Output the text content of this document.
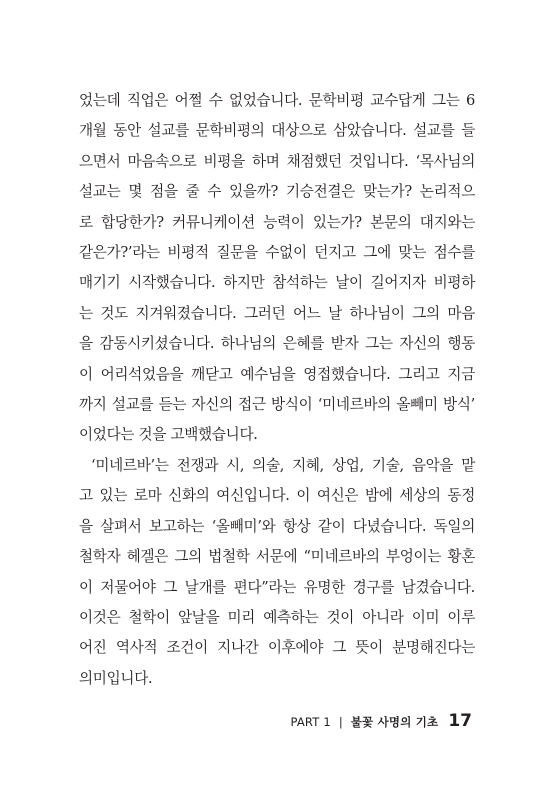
었는데 직업은 어쩔 수 없었습니다. 문학비평 교수답게 그는 6
개월 동안 설교를 문학비평의 대상으로 삼았습니다. 설교를 들
으면서 마음속으로 비평을 하며 채점했던 것입니다. ‘목사님의
설교는 몇 점을 줄 수 있을까? 기승전결은 맞는가? 논리적으
로 합당한가? 커뮤니케이션 능력이 있는가? 본문의 대지와는
같은가?’라는 비평적 질문을 수없이 던지고 그에 맞는 점수를
매기기 시작했습니다. 하지만 참석하는 날이 길어지자 비평하
는 것도 지겨워졌습니다. 그러던 어느 날 하나님이 그의 마음
을 감동시키셨습니다. 하나님의 은혜를 받자 그는 자신의 행동
이 어리석었음을 깨닫고 예수님을 영접했습니다. 그리고 지금
까지 설교를 듣는 자신의 접근 방식이 ‘미네르바의 올빼미 방식’
이었다는 것을 고백했습니다.

‘미네르바’는 전쟁과 시, 의술, 지혜, 상업, 기술, 음악을 맡
고 있는 로마 신화의 여신입니다. 이 여신은 밤에 세상의 동정
을 살펴서 보고하는 ‘올빼미’와 항상 같이 다녔습니다. 독일의
철학자 헤겔은 그의 법철학 서문에 “미네르바의 부엉이는 황혼
이 저물어야 그 날개를 편다”라는 유명한 경구를 남겼습니다.
이것은 철학이 앞날을 미리 예측하는 것이 아니라 이미 이루
어진 역사적 조건이 지나간 이후에야 그 뜻이 분명해진다는
의미입니다.

PART 1 | 불꽃 사명의 기초 17
